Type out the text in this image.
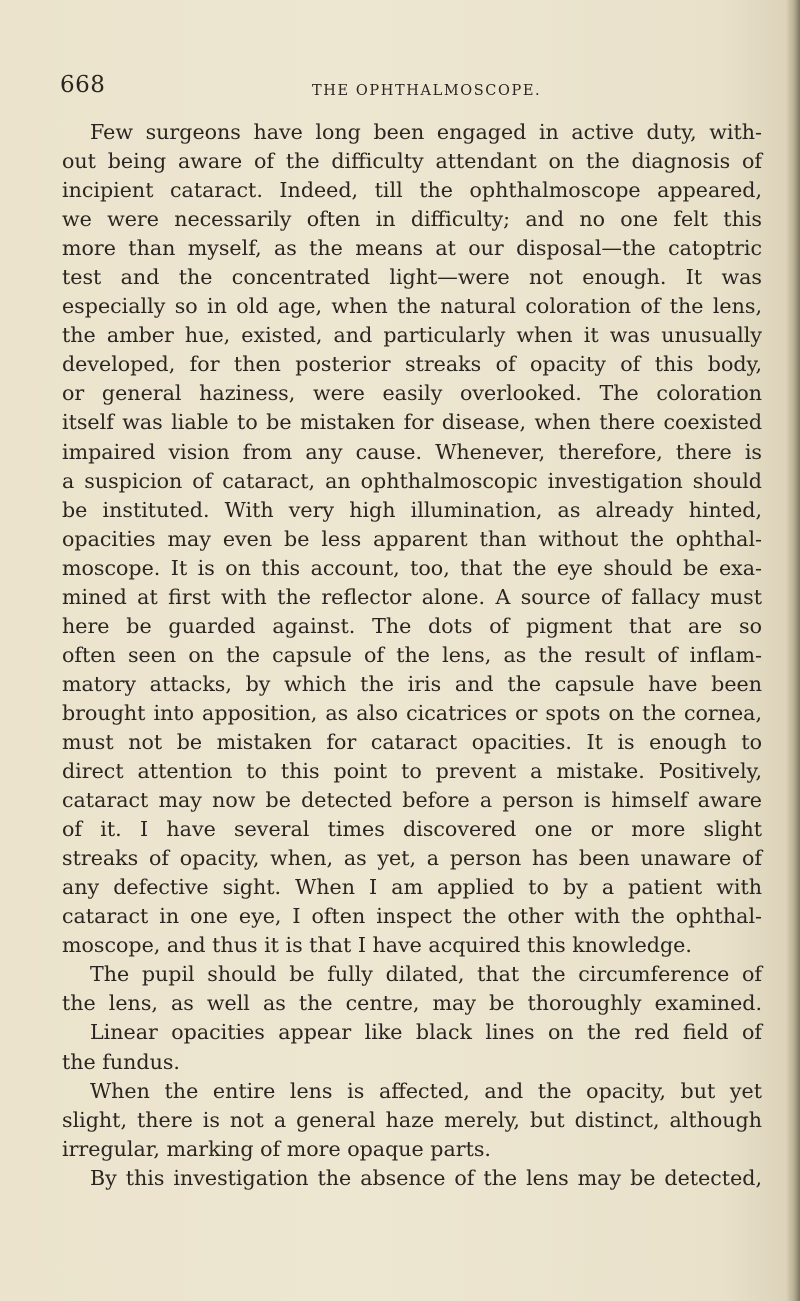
668	THE OPHTHALMOSCOPE.
Few surgeons have long been engaged in active duty, with-
out being aware of the difficulty attendant on the diagnosis of
incipient cataract. Indeed, till the ophthalmoscope appeared,
we were necessarily often in difficulty; and no one felt this
more than myself, as the means at our disposal—the catoptric
test and the concentrated light—were not enough. It was
especially so in old age, when the natural coloration of the lens,
the amber hue, existed, and particularly when it was unusually
developed, for then posterior streaks of opacity of this body,
or general haziness, were easily overlooked. The coloration
itself was liable to be mistaken for disease, when there coexisted
impaired vision from any cause. Whenever, therefore, there is
a suspicion of cataract, an ophthalmoscopic investigation should
be instituted. With very high illumination, as already hinted,
opacities may even be less apparent than without the ophthal-
moscope. It is on this account, too, that the eye should be exa-
mined at first with the reflector alone. A source of fallacy must
here be guarded against. The dots of pigment that are so
often seen on the capsule of the lens, as the result of inflam-
matory attacks, by which the iris and the capsule have been
brought into apposition, as also cicatrices or spots on the cornea,
must not be mistaken for cataract opacities. It is enough to
direct attention to this point to prevent a mistake. Positively,
cataract may now be detected before a person is himself aware
of it. I have several times discovered one or more slight
streaks of opacity, when, as yet, a person has been unaware of
any defective sight. When I am applied to by a patient with
cataract in one eye, I often inspect the other with the ophthal-
moscope, and thus it is that I have acquired this knowledge.
The pupil should be fully dilated, that the circumference of
the lens, as well as the centre, may be thoroughly examined.
Linear opacities appear like black lines on the red field of
the fundus.
When the entire lens is affected, and the opacity, but yet
slight, there is not a general haze merely, but distinct, although
irregular, marking of more opaque parts.
By this investigation the absence of the lens may be detected,
